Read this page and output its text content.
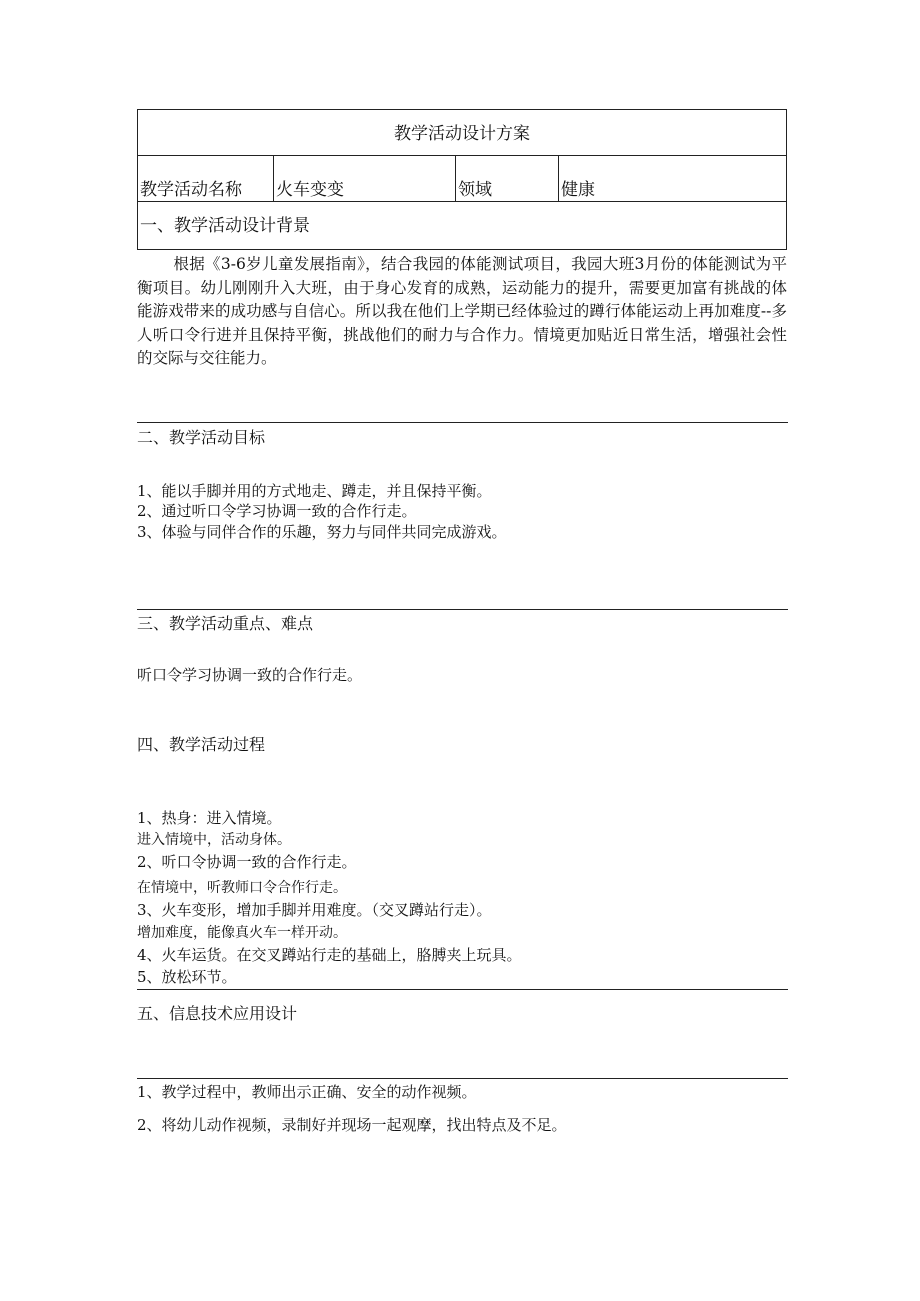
教学活动设计方案
教学活动名称 火车变变	领域	健康
一、教学活动设计背景
根据《3-6岁儿童发展指南》，结合我园的体能测试项目，我园大班3月份的体能测试为平衡项目。幼儿刚刚升入大班，由于身心发育的成熟，运动能力的提升，需要更加富有挑战的体能游戏带来的成功感与自信心。所以我在他们上学期已经体验过的蹲行体能运动上再加难度--多人听口令行进并且保持平衡，挑战他们的耐力与合作力。情境更加贴近日常生活，增强社会性的交际与交往能力。
二、教学活动目标
1、能以手脚并用的方式地走、蹲走，并且保持平衡。
2、通过听口令学习协调一致的合作行走。
3、体验与同伴合作的乐趣，努力与同伴共同完成游戏。
三、教学活动重点、难点
听口令学习协调一致的合作行走。
四、教学活动过程
1、热身：进入情境。
进入情境中，活动身体。
2、听口令协调一致的合作行走。
在情境中，听教师口令合作行走。
3、火车变形，增加手脚并用难度。（交叉蹲站行走）。
增加难度，能像真火车一样开动。
4、火车运货。在交叉蹲站行走的基础上，胳膊夹上玩具。
5、放松环节。
五、信息技术应用设计
1、教学过程中，教师出示正确、安全的动作视频。
2、将幼儿动作视频，录制好并现场一起观摩，找出特点及不足。
